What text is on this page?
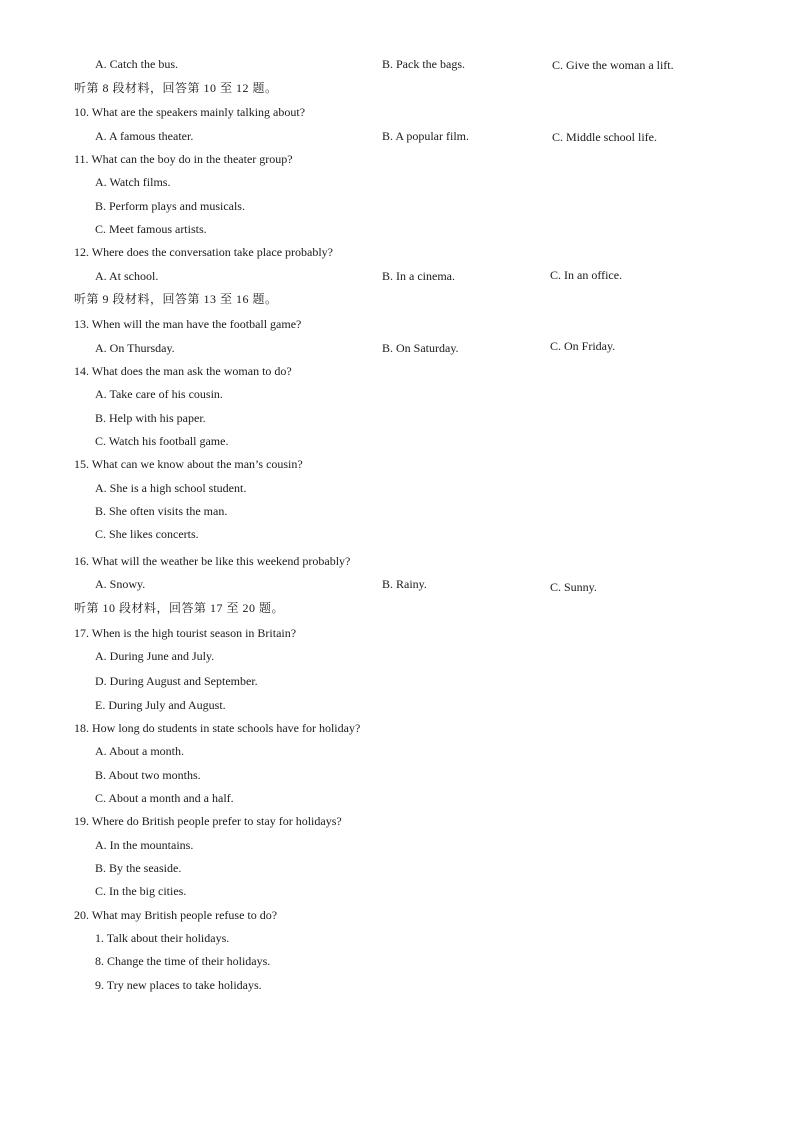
A. Catch the bus.	B. Pack the bags.	C. Give the woman a lift.
听第 8 段材料，回答第 10 至 12 题。
10. What are the speakers mainly talking about?
A. A famous theater.	B. A popular film.	C. Middle school life.
11. What can the boy do in the theater group?
A. Watch films.
B. Perform plays and musicals.
C. Meet famous artists.
12. Where does the conversation take place probably?
A. At school.	B. In a cinema.	C. In an office.
听第 9 段材料，回答第 13 至 16 题。
13. When will the man have the football game?
A. On Thursday.	B. On Saturday.	C. On Friday.
14. What does the man ask the woman to do?
A. Take care of his cousin.
B. Help with his paper.
C. Watch his football game.
15. What can we know about the man’s cousin?
A. She is a high school student.
B. She often visits the man.
C. She likes concerts.
16. What will the weather be like this weekend probably?
A. Snowy.	B. Rainy.	C. Sunny.
听第 10 段材料，回答第 17 至 20 题。
17. When is the high tourist season in Britain?
A. During June and July.
D. During August and September.
E. During July and August.
18. How long do students in state schools have for holiday?
A. About a month.
B. About two months.
C. About a month and a half.
19. Where do British people prefer to stay for holidays?
A. In the mountains.
B. By the seaside.
C. In the big cities.
20. What may British people refuse to do?
1. Talk about their holidays.
8. Change the time of their holidays.
9. Try new places to take holidays.
